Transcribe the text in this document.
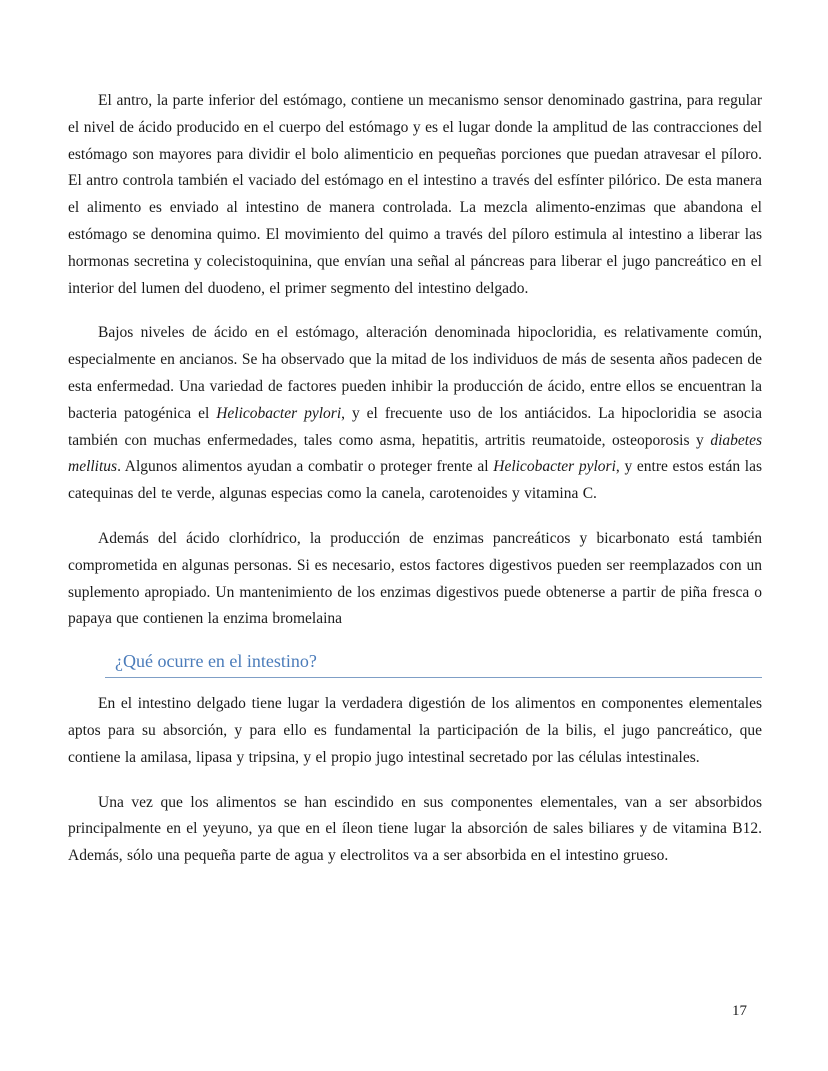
El antro, la parte inferior del estómago, contiene un mecanismo sensor denominado gastrina, para regular el nivel de ácido producido en el cuerpo del estómago y es el lugar donde la amplitud de las contracciones del estómago son mayores para dividir el bolo alimenticio en pequeñas porciones que puedan atravesar el píloro. El antro controla también el vaciado del estómago en el intestino a través del esfínter pilórico. De esta manera el alimento es enviado al intestino de manera controlada. La mezcla alimento-enzimas que abandona el estómago se denomina quimo. El movimiento del quimo a través del píloro estimula al intestino a liberar las hormonas secretina y colecistoquinina, que envían una señal al páncreas para liberar el jugo pancreático en el interior del lumen del duodeno, el primer segmento del intestino delgado.

Bajos niveles de ácido en el estómago, alteración denominada hipocloridia, es relativamente común, especialmente en ancianos. Se ha observado que la mitad de los individuos de más de sesenta años padecen de esta enfermedad. Una variedad de factores pueden inhibir la producción de ácido, entre ellos se encuentran la bacteria patogénica el Helicobacter pylori, y el frecuente uso de los antiácidos. La hipocloridia se asocia también con muchas enfermedades, tales como asma, hepatitis, artritis reumatoide, osteoporosis y diabetes mellitus. Algunos alimentos ayudan a combatir o proteger frente al Helicobacter pylori, y entre estos están las catequinas del te verde, algunas especias como la canela, carotenoides y vitamina C.

Además del ácido clorhídrico, la producción de enzimas pancreáticos y bicarbonato está también comprometida en algunas personas. Si es necesario, estos factores digestivos pueden ser reemplazados con un suplemento apropiado. Un mantenimiento de los enzimas digestivos puede obtenerse a partir de piña fresca o papaya que contienen la enzima bromelaina

¿Qué ocurre en el intestino?

En el intestino delgado tiene lugar la verdadera digestión de los alimentos en componentes elementales aptos para su absorción, y para ello es fundamental la participación de la bilis, el jugo pancreático, que contiene la amilasa, lipasa y tripsina, y el propio jugo intestinal secretado por las células intestinales.

Una vez que los alimentos se han escindido en sus componentes elementales, van a ser absorbidos principalmente en el yeyuno, ya que en el íleon tiene lugar la absorción de sales biliares y de vitamina B12. Además, sólo una pequeña parte de agua y electrolitos va a ser absorbida en el intestino grueso.

17
